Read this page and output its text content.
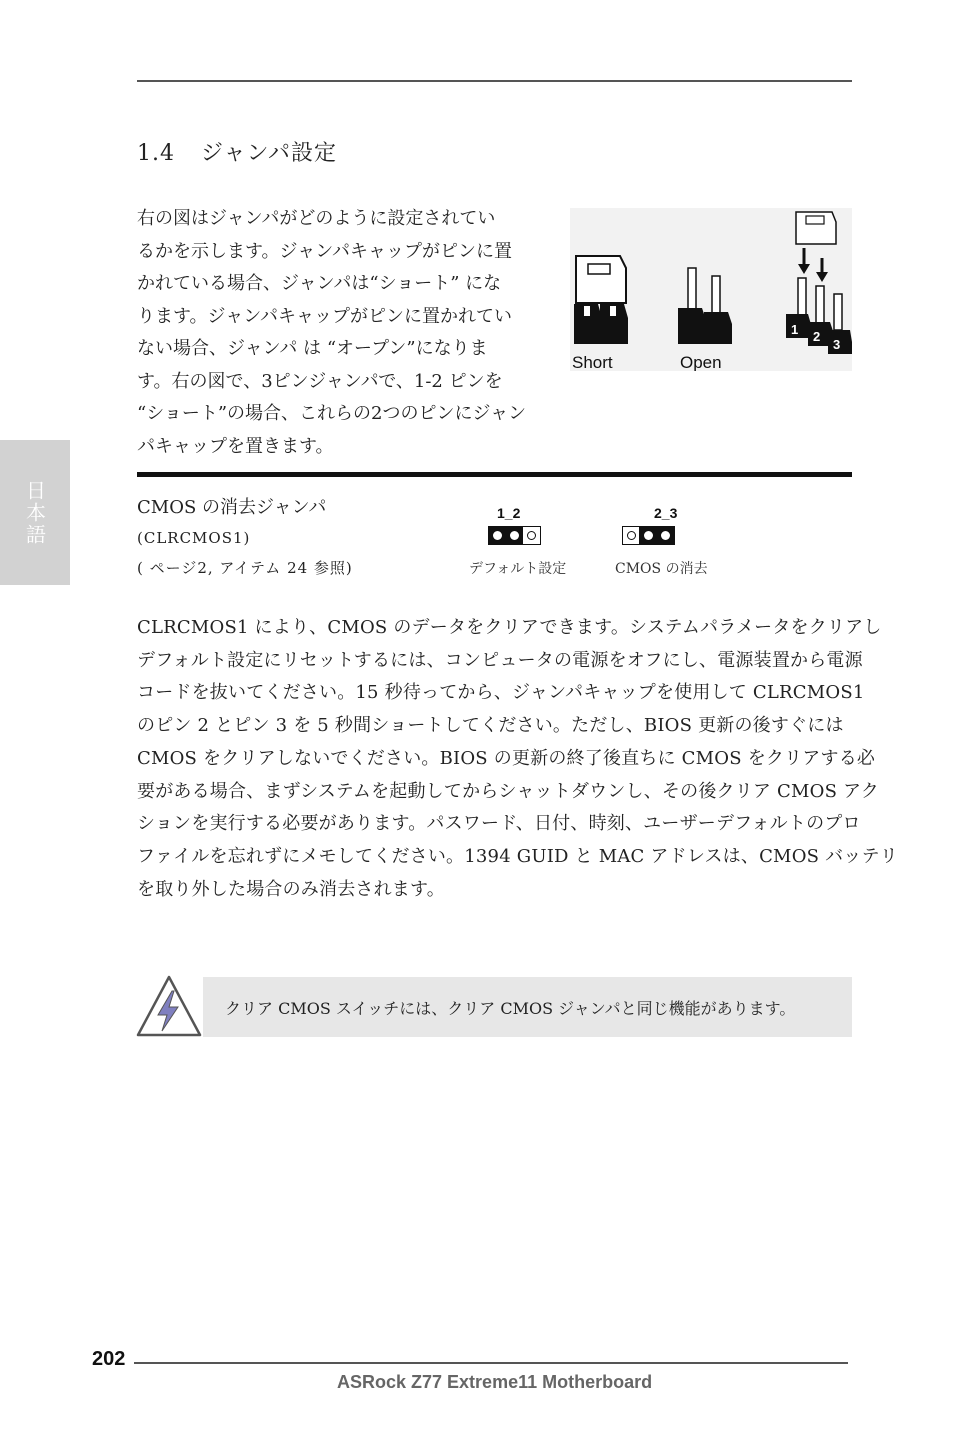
1.4 ジャンパ設定
日本語
右の図はジャンパがどのように設定されてい
るかを示します。ジャンパキャップがピンに置
かれている場合、ジャンパは“ショート” にな
ります。ジャンパキャップがピンに置かれてい
ない場合、ジャンパ は “オープン”になりま
す。右の図で、3ピンジャンパで、1-2 ピンを
“ショート”の場合、これらの2つのピンにジャン
パキャップを置きます。
Short	Open
1 2
3
CMOS の消去ジャンパ
(CLRCMOS1)
( ページ2, アイテム 24 参照)
1_2
デフォルト設定
2_3
CMOS の消去
CLRCMOS1 により、CMOS のデータをクリアできます。システムパラメータをクリアし
デフォルト設定にリセットするには、コンピュータの電源をオフにし、電源装置から電源
コードを抜いてください。15 秒待ってから、ジャンパキャップを使用して CLRCMOS1
のピン 2 とピン 3 を 5 秒間ショートしてください。ただし、BIOS 更新の後すぐには
CMOS をクリアしないでください。BIOS の更新の終了後直ちに CMOS をクリアする必
要がある場合、まずシステムを起動してからシャットダウンし、その後クリア CMOS アク
ションを実行する必要があります。パスワード、日付、時刻、ユーザーデフォルトのプロ
ファイルを忘れずにメモしてください。1394 GUID と MAC アドレスは、CMOS バッテリ
を取り外した場合のみ消去されます。
クリア CMOS スイッチには、クリア CMOS ジャンパと同じ機能があります。
202
ASRock Z77 Extreme11 Motherboard
